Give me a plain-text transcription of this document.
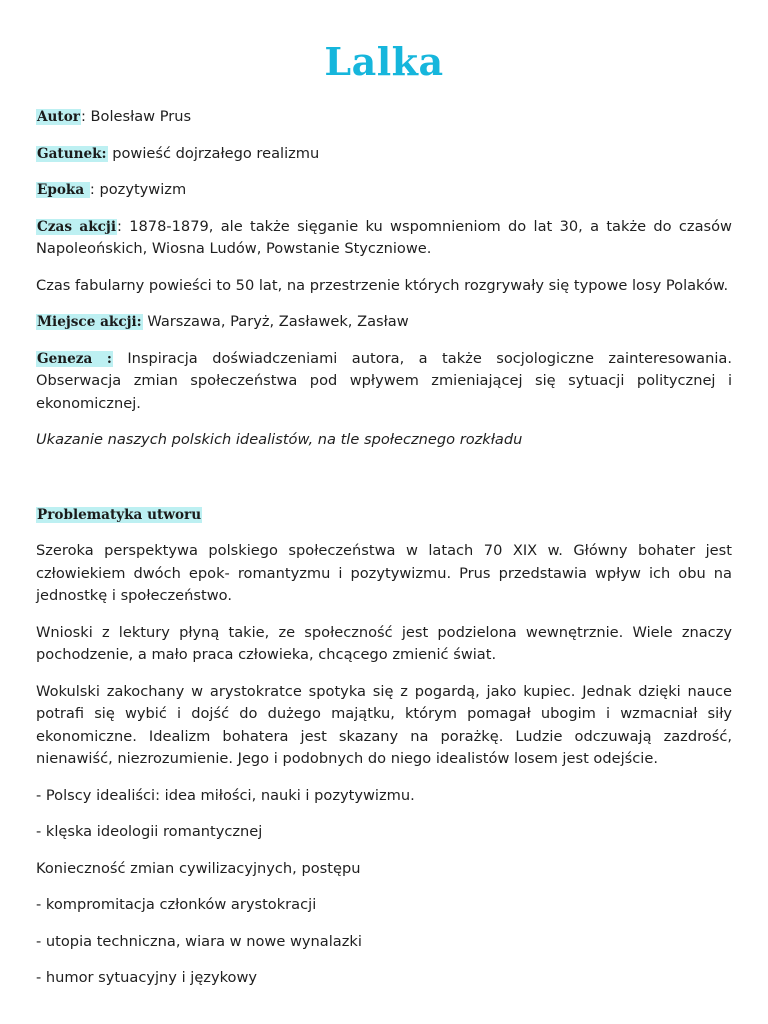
Lalka

Autor: Bolesław Prus

Gatunek: powieść dojrzałego realizmu

Epoka : pozytywizm

Czas akcji: 1878-1879, ale także sięganie ku wspomnieniom do lat 30, a także do czasów Napoleońskich, Wiosna Ludów, Powstanie Styczniowe.

Czas fabularny powieści to 50 lat, na przestrzenie których rozgrywały się typowe losy Polaków.

Miejsce akcji: Warszawa, Paryż, Zasławek, Zasław

Geneza : Inspiracja doświadczeniami autora, a także socjologiczne zainteresowania. Obserwacja zmian społeczeństwa pod wpływem zmieniającej się sytuacji politycznej i ekonomicznej.

Ukazanie naszych polskich idealistów, na tle społecznego rozkładu

Problematyka utworu

Szeroka perspektywa polskiego społeczeństwa w latach 70 XIX w. Główny bohater jest człowiekiem dwóch epok- romantyzmu i pozytywizmu. Prus przedstawia wpływ ich obu na jednostkę i społeczeństwo.

Wnioski z lektury płyną takie, ze społeczność jest podzielona wewnętrznie. Wiele znaczy pochodzenie, a mało praca człowieka, chcącego zmienić świat.

Wokulski zakochany w arystokratce spotyka się z pogardą, jako kupiec. Jednak dzięki nauce potrafi się wybić i dojść do dużego majątku, którym pomagał ubogim i wzmacniał siły ekonomiczne. Idealizm bohatera jest skazany na porażkę. Ludzie odczuwają zazdrość, nienawiść, niezrozumienie. Jego i podobnych do niego idealistów losem jest odejście.

- Polscy idealiści: idea miłości, nauki i pozytywizmu.

- klęska ideologii romantycznej

Konieczność zmian cywilizacyjnych, postępu

- kompromitacja członków arystokracji

- utopia techniczna, wiara w nowe wynalazki

- humor sytuacyjny i językowy
